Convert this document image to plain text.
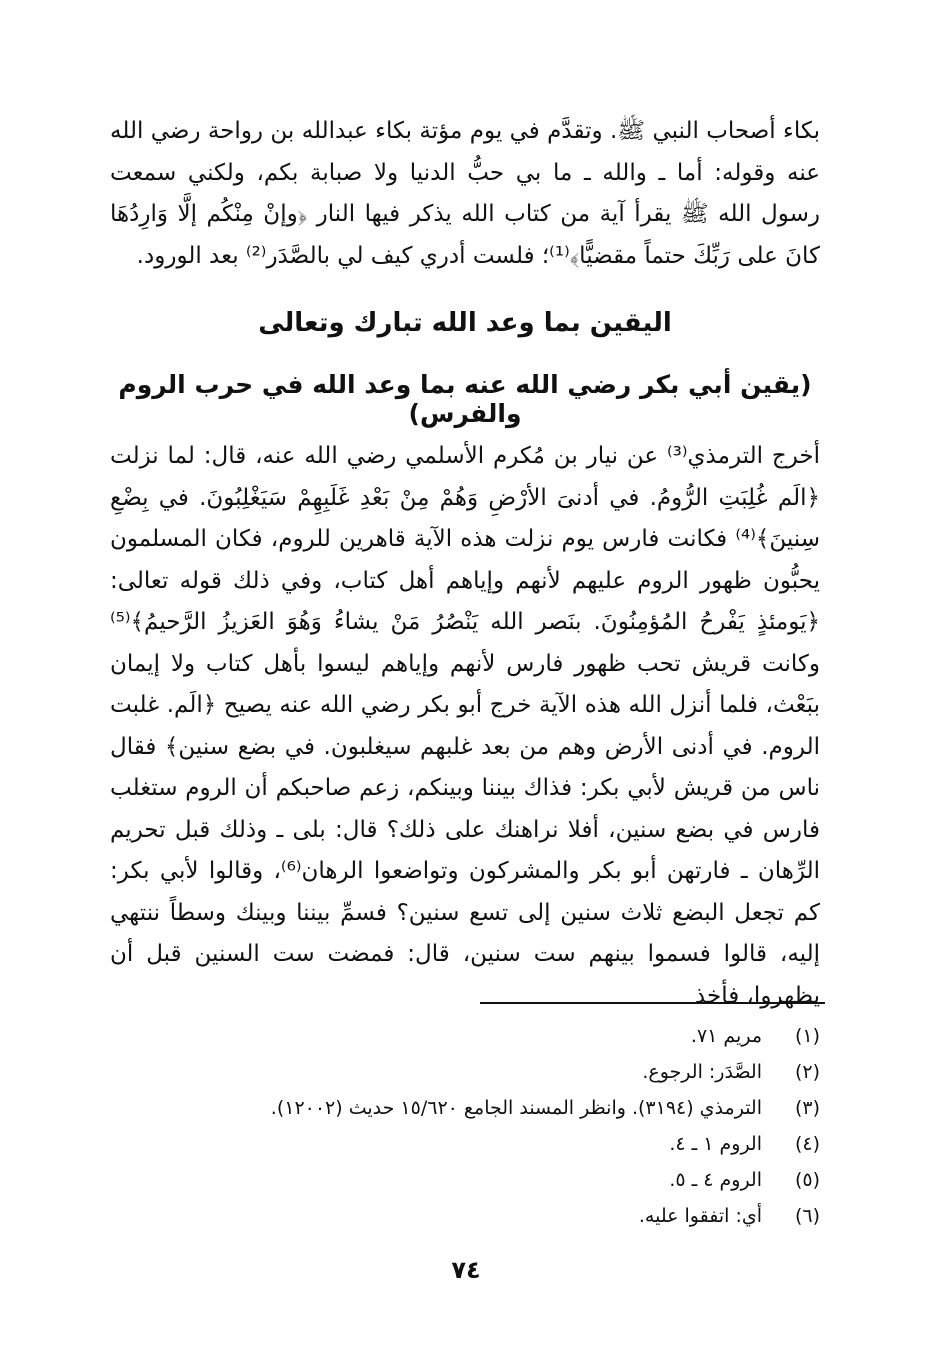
بكاء أصحاب النبي ﷺ. وتقدَّم في يوم مؤتة بكاء عبدالله بن رواحة رضي الله عنه وقوله: أما ـ والله ـ ما بي حبُّ الدنيا ولا صبابة بكم، ولكني سمعت رسول الله ﷺ يقرأ آية من كتاب الله يذكر فيها النار ﴿وإنْ مِنْكُم إلَّا وَارِدُهَا كانَ على رَبِّكَ حتماً مقضيًّا﴾⁽¹⁾؛ فلست أدري كيف لي بالصَّدَر⁽²⁾ بعد الورود.

اليقين بما وعد الله تبارك وتعالى
(يقين أبي بكر رضي الله عنه بما وعد الله في حرب الروم والفرس)

أخرج الترمذي⁽³⁾ عن نيار بن مُكرم الأسلمي رضي الله عنه، قال: لما نزلت ﴿الَم غُلِبَتِ الرُّومُ. في أدنىَ الأرْضِ وَهُمْ مِنْ بَعْدِ غَلَبِهِمْ سَيَغْلِبُونَ. في بِضْعِ سِنينَ﴾⁽⁴⁾ فكانت فارس يوم نزلت هذه الآية قاهرين للروم، فكان المسلمون يحبُّون ظهور الروم عليهم لأنهم وإياهم أهل كتاب، وفي ذلك قوله تعالى: ﴿يَومئذٍ يَفْرحُ المُؤمِنُونَ. بنَصر الله يَنْصُرُ مَنْ يشاءُ وَهُوَ العَزيزُ الرَّحيمُ﴾⁽⁵⁾ وكانت قريش تحب ظهور فارس لأنهم وإياهم ليسوا بأهل كتاب ولا إيمان ببَعْث، فلما أنزل الله هذه الآية خرج أبو بكر رضي الله عنه يصيح ﴿الَم. غلبت الروم. في أدنى الأرض وهم من بعد غلبهم سيغلبون. في بضع سنين﴾ فقال ناس من قريش لأبي بكر: فذاك بيننا وبينكم، زعم صاحبكم أن الروم ستغلب فارس في بضع سنين، أفلا نراهنك على ذلك؟ قال: بلى ـ وذلك قبل تحريم الرِّهان ـ فارتهن أبو بكر والمشركون وتواضعوا الرهان⁽⁶⁾، وقالوا لأبي بكر: كم تجعل البضع ثلاث سنين إلى تسع سنين؟ فسمِّ بيننا وبينك وسطاً ننتهي إليه، قالوا فسموا بينهم ست سنين، قال: فمضت ست السنين قبل أن يظهروا، فأخذ

(١)
مريم ٧١.
(٢)
الصَّدَر: الرجوع.
(٣)
الترمذي (٣١٩٤). وانظر المسند الجامع ١٥/٦٢٠ حديث (١٢٠٠٢).
(٤)
الروم ١ ـ ٤.
(٥)
الروم ٤ ـ ٥.
(٦)
أي: اتفقوا عليه.
٧٤
